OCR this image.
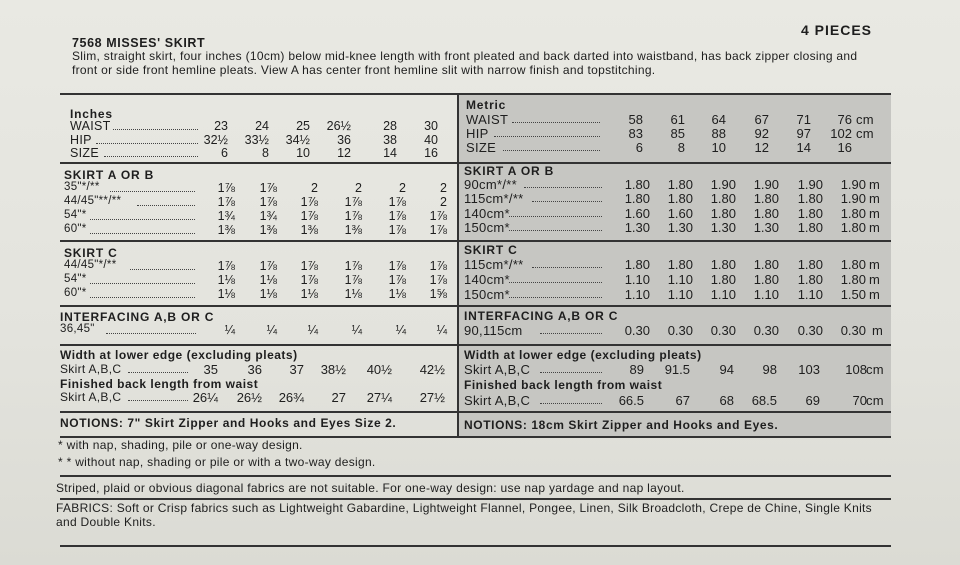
4 PIECES
7568 MISSES' SKIRT
Slim, straight skirt, four inches (10cm) below mid-knee length with front pleated and back darted into waistband, has back zipper closing and front or side front hemline pleats. View A has center front hemline slit with narrow finish and topstitching.
Inches
WAIST	23	24	25	26½	28	30
HIP	32½	33½	34½	36	38	40
SIZE	6	8	10	12	14	16
SKIRT A OR B
35"*/**	1⅞	1⅞	2	2	2	2
44/45"**/**	1⅞	1⅞	1⅞	1⅞	1⅞	2
54"*	1¾	1¾	1⅞	1⅞	1⅞	1⅞
60"*	1⅜	1⅜	1⅜	1⅜	1⅞	1⅞
SKIRT C
44/45"*/**	1⅞	1⅞	1⅞	1⅞	1⅞	1⅞
54"*	1⅛	1⅛	1⅞	1⅞	1⅞	1⅞
60"*	1⅛	1⅛	1⅛	1⅛	1⅛	1⅝
INTERFACING A,B OR C
36,45"	¼	¼	¼	¼	¼	¼
Width at lower edge (excluding pleats)
Skirt A,B,C	35	36	37	38½	40½	42½
Finished back length from waist
Skirt A,B,C	26¼	26½	26¾	27	27¼	27½
NOTIONS: 7" Skirt Zipper and Hooks and Eyes Size 2.
Metric
WAIST	58	61	64	67	71	76 cm
HIP	83	85	88	92	97	102 cm
SIZE	6	8	10	12	14	16
SKIRT A OR B
90cm*/**	1.80	1.80	1.90	1.90	1.90	1.90 m
115cm*/**	1.80	1.80	1.80	1.80	1.80	1.90 m
140cm*	1.60	1.60	1.80	1.80	1.80	1.80 m
150cm*	1.30	1.30	1.30	1.30	1.80	1.80 m
SKIRT C
115cm*/**	1.80	1.80	1.80	1.80	1.80	1.80 m
140cm*	1.10	1.10	1.80	1.80	1.80	1.80 m
150cm*	1.10	1.10	1.10	1.10	1.10	1.50 m
INTERFACING A,B OR C
90,115cm	0.30	0.30	0.30	0.30	0.30	0.30 m
Width at lower edge (excluding pleats)
Skirt A,B,C	89	91.5	94	98	103	108 cm
Finished back length from waist
Skirt A,B,C	66.5	67	68	68.5	69	70 cm
NOTIONS: 18cm Skirt Zipper and Hooks and Eyes.
* with nap, shading, pile or one-way design.
* * without nap, shading or pile or with a two-way design.
Striped, plaid or obvious diagonal fabrics are not suitable. For one-way design: use nap yardage and nap layout.
FABRICS: Soft or Crisp fabrics such as Lightweight Gabardine, Lightweight Flannel, Pongee, Linen, Silk Broadcloth, Crepe de Chine, Single Knits and Double Knits.
